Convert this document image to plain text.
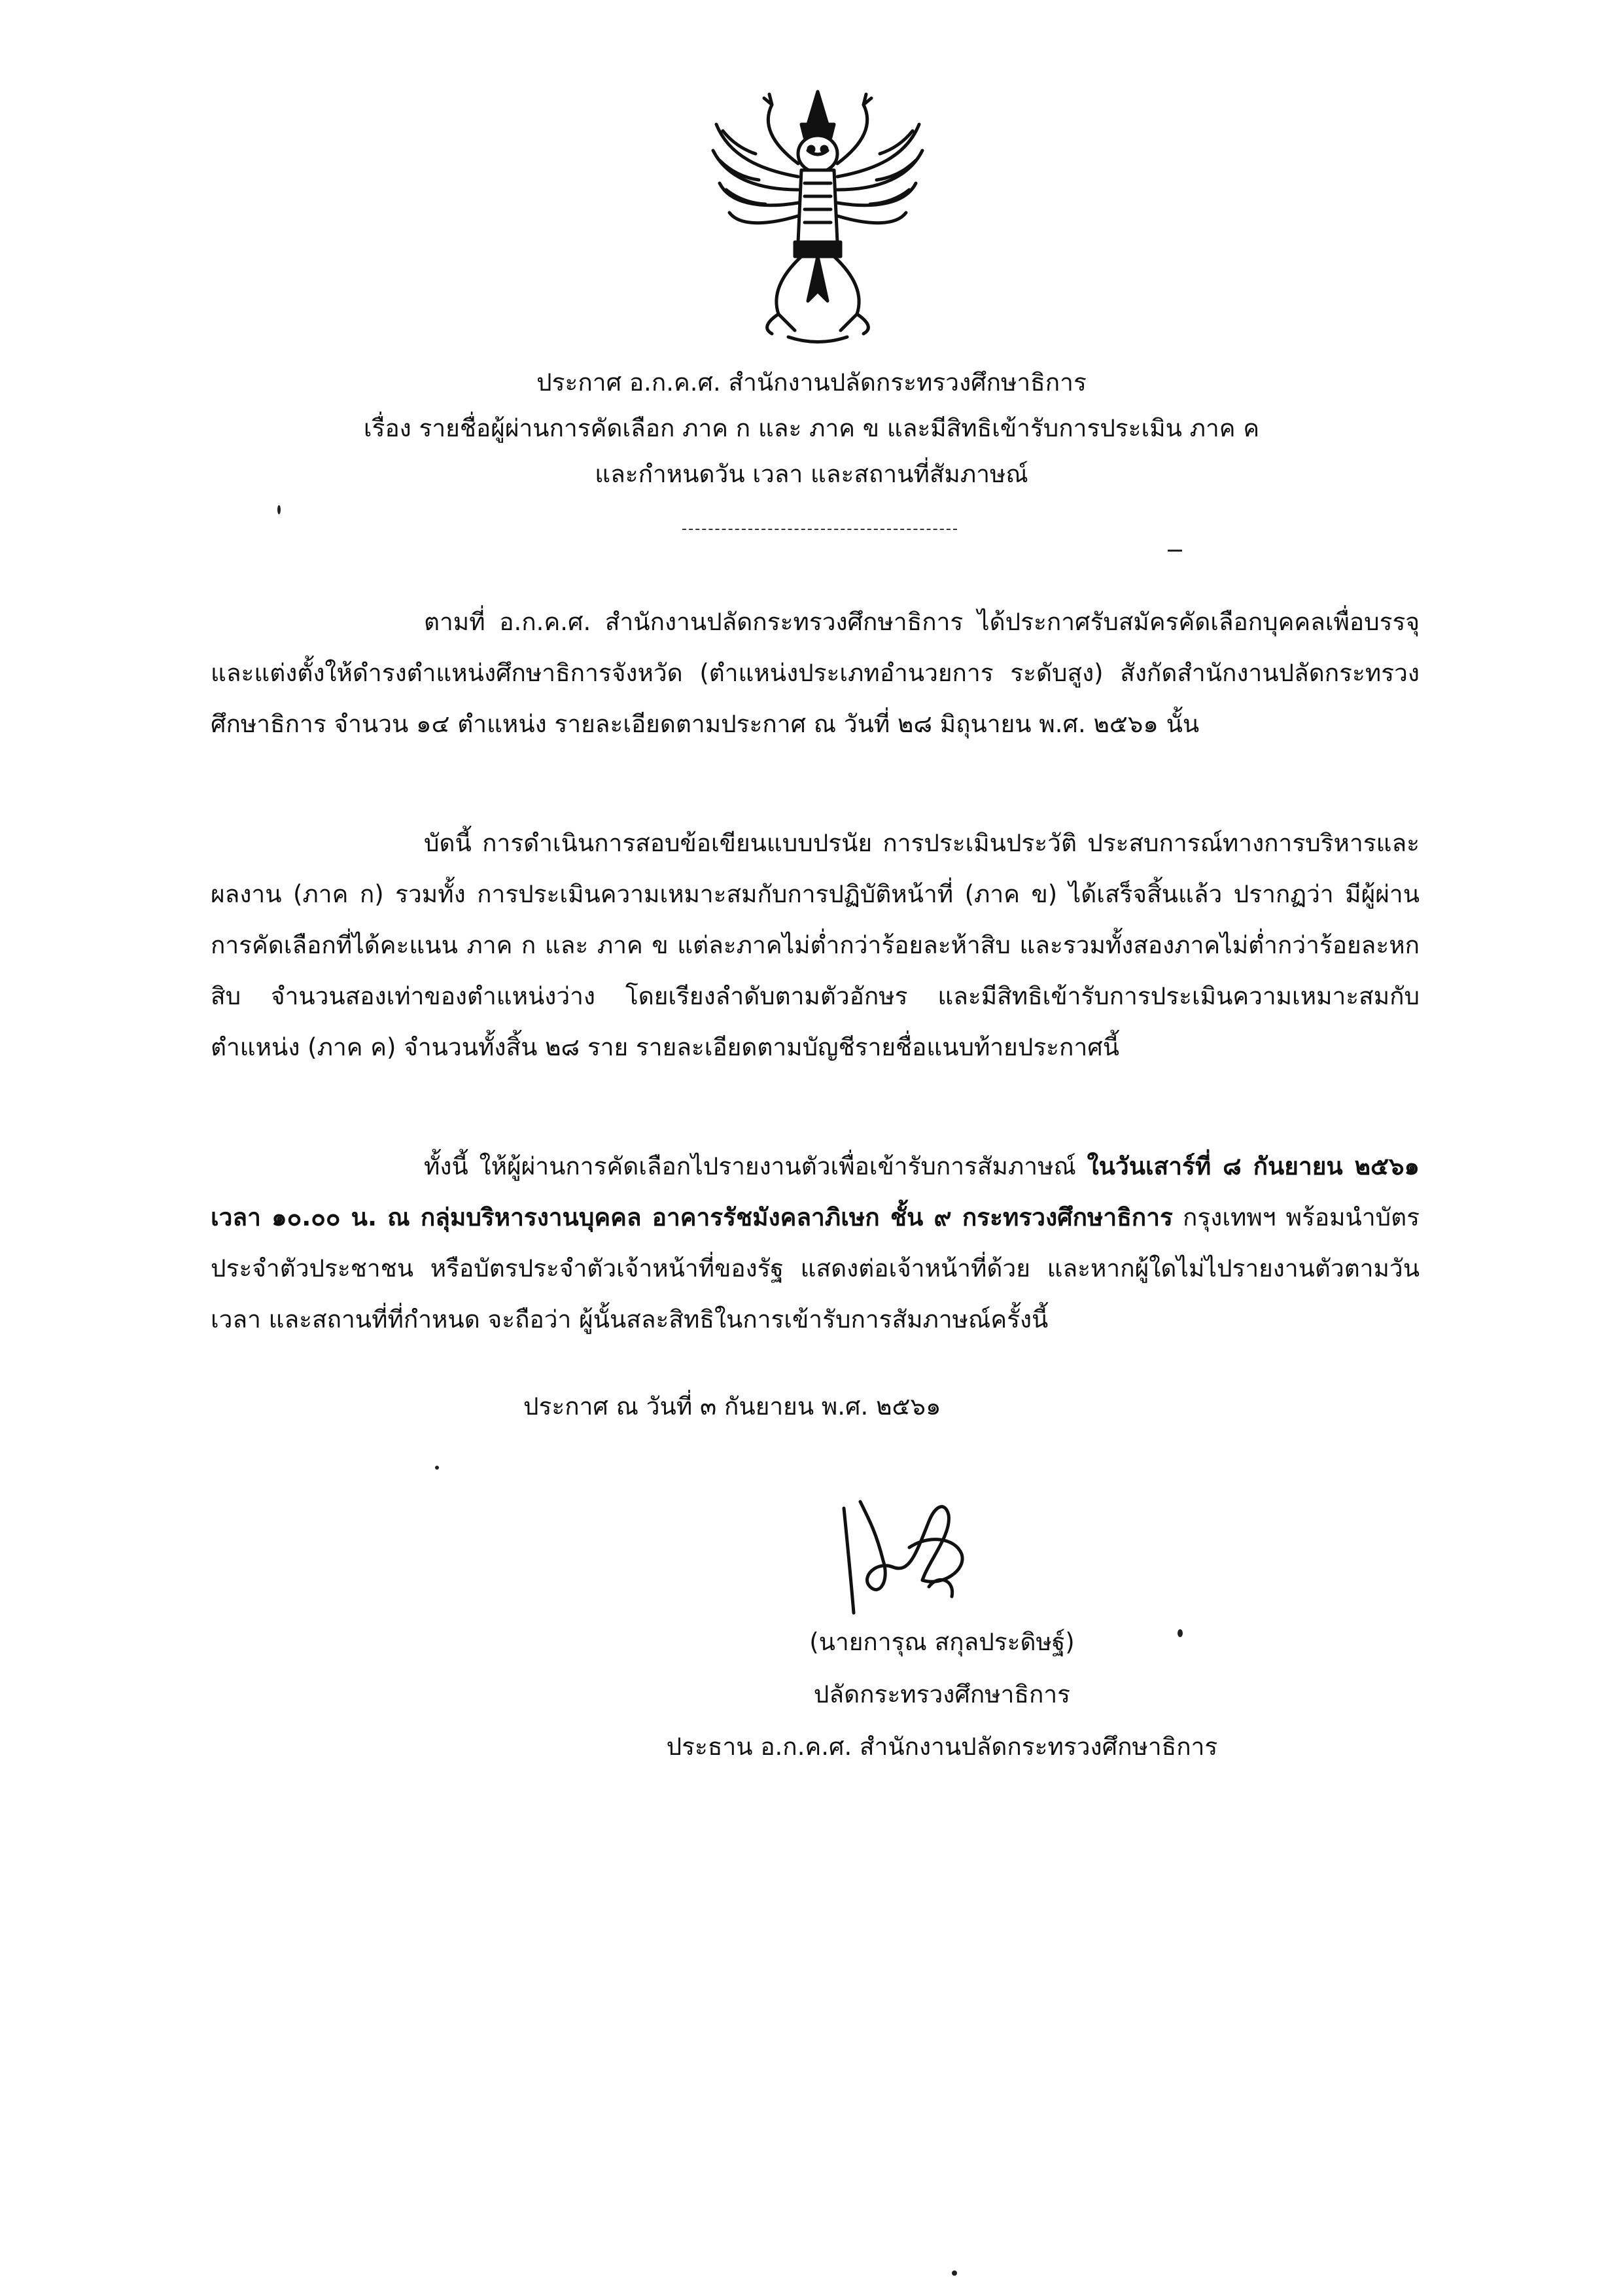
ประกาศ อ.ก.ค.ศ. สำนักงานปลัดกระทรวงศึกษาธิการ
เรื่อง รายชื่อผู้ผ่านการคัดเลือก ภาค ก และ ภาค ข และมีสิทธิเข้ารับการประเมิน ภาค ค
และกำหนดวัน เวลา และสถานที่สัมภาษณ์

ตามที่ อ.ก.ค.ศ. สำนักงานปลัดกระทรวงศึกษาธิการ ได้ประกาศรับสมัครคัดเลือกบุคคลเพื่อบรรจุและแต่งตั้งให้ดำรงตำแหน่งศึกษาธิการจังหวัด (ตำแหน่งประเภทอำนวยการ ระดับสูง) สังกัดสำนักงานปลัดกระทรวงศึกษาธิการ จำนวน ๑๔ ตำแหน่ง รายละเอียดตามประกาศ ณ วันที่ ๒๘ มิถุนายน พ.ศ. ๒๕๖๑ นั้น

บัดนี้ การดำเนินการสอบข้อเขียนแบบปรนัย การประเมินประวัติ ประสบการณ์ทางการบริหารและผลงาน (ภาค ก) รวมทั้ง การประเมินความเหมาะสมกับการปฏิบัติหน้าที่ (ภาค ข) ได้เสร็จสิ้นแล้ว ปรากฏว่า มีผู้ผ่านการคัดเลือกที่ได้คะแนน ภาค ก และ ภาค ข แต่ละภาคไม่ต่ำกว่าร้อยละห้าสิบ และรวมทั้งสองภาคไม่ต่ำกว่าร้อยละหกสิบ จำนวนสองเท่าของตำแหน่งว่าง โดยเรียงลำดับตามตัวอักษร และมีสิทธิเข้ารับการประเมินความเหมาะสมกับตำแหน่ง (ภาค ค) จำนวนทั้งสิ้น ๒๘ ราย รายละเอียดตามบัญชีรายชื่อแนบท้ายประกาศนี้

ทั้งนี้ ให้ผู้ผ่านการคัดเลือกไปรายงานตัวเพื่อเข้ารับการสัมภาษณ์ ในวันเสาร์ที่ ๘ กันยายน ๒๕๖๑ เวลา ๑๐.๐๐ น. ณ กลุ่มบริหารงานบุคคล อาคารรัชมังคลาภิเษก ชั้น ๙ กระทรวงศึกษาธิการ กรุงเทพฯ พร้อมนำบัตรประจำตัวประชาชน หรือบัตรประจำตัวเจ้าหน้าที่ของรัฐ แสดงต่อเจ้าหน้าที่ด้วย และหากผู้ใดไม่ไปรายงานตัวตามวัน เวลา และสถานที่ที่กำหนด จะถือว่า ผู้นั้นสละสิทธิในการเข้ารับการสัมภาษณ์ครั้งนี้

ประกาศ ณ วันที่ ๓ กันยายน พ.ศ. ๒๕๖๑
(นายการุณ สกุลประดิษฐ์)
ปลัดกระทรวงศึกษาธิการ
ประธาน อ.ก.ค.ศ. สำนักงานปลัดกระทรวงศึกษาธิการ
